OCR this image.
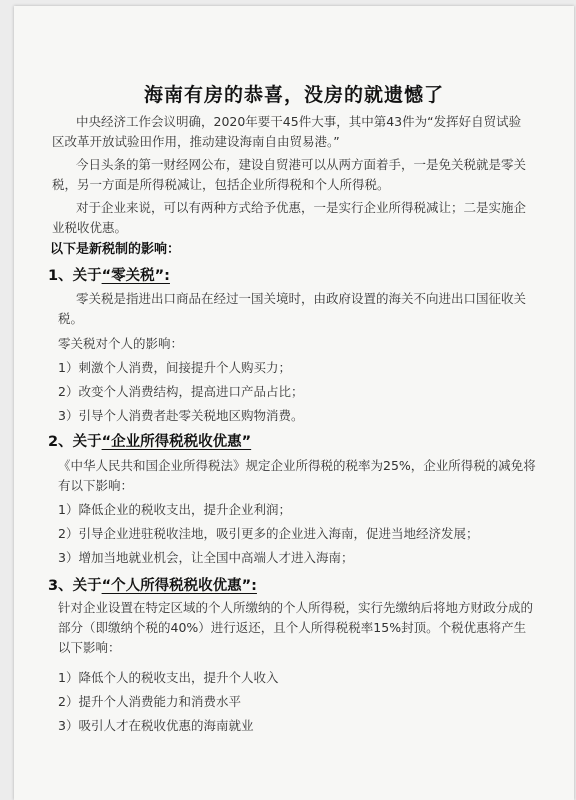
海南有房的恭喜，没房的就遗憾了
中央经济工作会议明确，2020年要干45件大事，其中第43件为“发挥好自贸试验区改革开放试验田作用，推动建设海南自由贸易港。”
今日头条的第一财经网公布，建设自贸港可以从两方面着手，一是免关税就是零关税，另一方面是所得税减让，包括企业所得税和个人所得税。
对于企业来说，可以有两种方式给予优惠，一是实行企业所得税减让；二是实施企业税收优惠。
以下是新税制的影响：
1、关于“零关税”:
零关税是指进出口商品在经过一国关境时，由政府设置的海关不向进出口国征收关税。
零关税对个人的影响：
1）刺激个人消费，间接提升个人购买力；
2）改变个人消费结构，提高进口产品占比；
3）引导个人消费者赴零关税地区购物消费。
2、关于“企业所得税税收优惠”
《中华人民共和国企业所得税法》规定企业所得税的税率为25%，企业所得税的减免将有以下影响：
1）降低企业的税收支出，提升企业利润；
2）引导企业进驻税收洼地，吸引更多的企业进入海南，促进当地经济发展；
3）增加当地就业机会，让全国中高端人才进入海南；
3、关于“个人所得税税收优惠”:
针对企业设置在特定区域的个人所缴纳的个人所得税，实行先缴纳后将地方财政分成的部分（即缴纳个税的40%）进行返还，且个人所得税税率15%封顶。个税优惠将产生以下影响：
1）降低个人的税收支出，提升个人收入
2）提升个人消费能力和消费水平
3）吸引人才在税收优惠的海南就业
